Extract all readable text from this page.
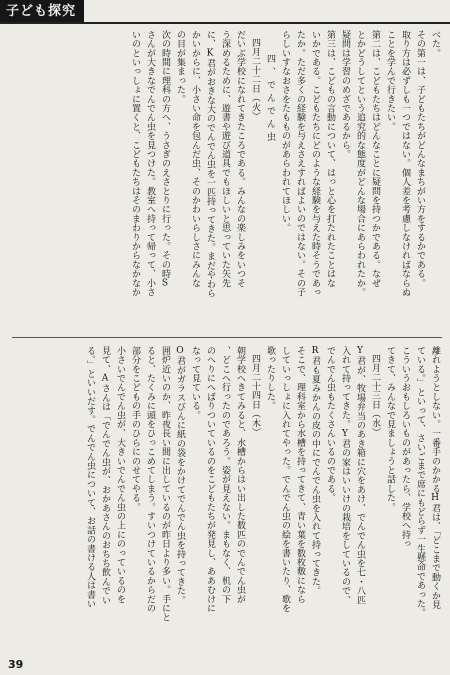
子ども探究
べた。
その第一は、子どもたちがどんなまちがい方をするかである。
取り方は必ずしも一つではない。個人差を考慮しなければならぬ
ことを学んで行きたい。
第二は、こどもたちはどんなことに疑問を持つかである。なぜ
とかどうしてという追究的な態度がどんな場合にあらわれたか。
疑問は学習のめざであるから。
第三は、こどもの言動について、はっと心を打たれたことはな
いかである。こどもたちにどのような経験を与えた時そうであっ
たか。ただ多くの経験を与えさえすればよいのではない。その子
らしいすなおさをたもものがあらわれてほしい。
四、でんでん虫
四月二十二日（火）
だいぶ学校になれてきたころである。みんなの楽しみをいつそ
う深めるために、遊書や遊び道具でもほしいと思っていた矢先
に、K君がおきな大のでんでん虫を一匹持ってきた。まだやわら
かいからに、小さい命を包んだ虫、そのかわいらしさにみんな
の目が集まった。
次の時間に理科の方へ、うさぎのえさとりに行った。その時S
さんが大きなでんでん虫を見つけた。教室へ持って帰って、小さ
いのといっしょに置くと、こどもたちはそのまわりからなかなか
離れようとしない。一番手のかかるH君は、「どこまで動くか見
ている。」といって、さいごまで席にもどらず一生懸命であった。
こういうおもしろいものがあったら、学校へ持っ
てきて、みんなで見ましょうと話した。
四月二十三日（水）
Y君が、牧場弁当のあき箱に穴をあけ、でんでん虫を七・八匹
入れて持ってきた。Y君の家はいいけの栽培をしているので、
でんでん虫もたくさんいるのである。
R君も夏みかんの皮の中にでんでん虫を入れて持ってきた。
そこで、理科室から水槽を持ってきて、青い葉を数枚敷になら
していっしょに入れてやった。でんでん虫の絵を書いたり、歌を
歌ったりした。
四月二十四日（木）
朝学校へきてみると、水槽からはい出した数匹のでんでん虫が
、どこへ行ったのであろう。姿が見えない。まもなく、机の下
のへりにへばりついているのをこどもたちが発見し、ああむけに
なって見ている。
O君がガラスびんに紙の袋をかけてでんでん虫を持ってきた。
囲炉近いのか、昨夜長い間に出しているのが昨日より多い。手にと
ると、たくみに頭をひっこめてしまう。すいつけているからだの
部分をこどもの手のひらにのせてやる。
小さいでんでん虫が、大きいでんでん虫の上にのっているのを
見て、Aさんは「でんでん虫が、おかあさんのおちち飲んでい
る。」といいだす。でんでん虫について、お話の書ける人は書い
39
